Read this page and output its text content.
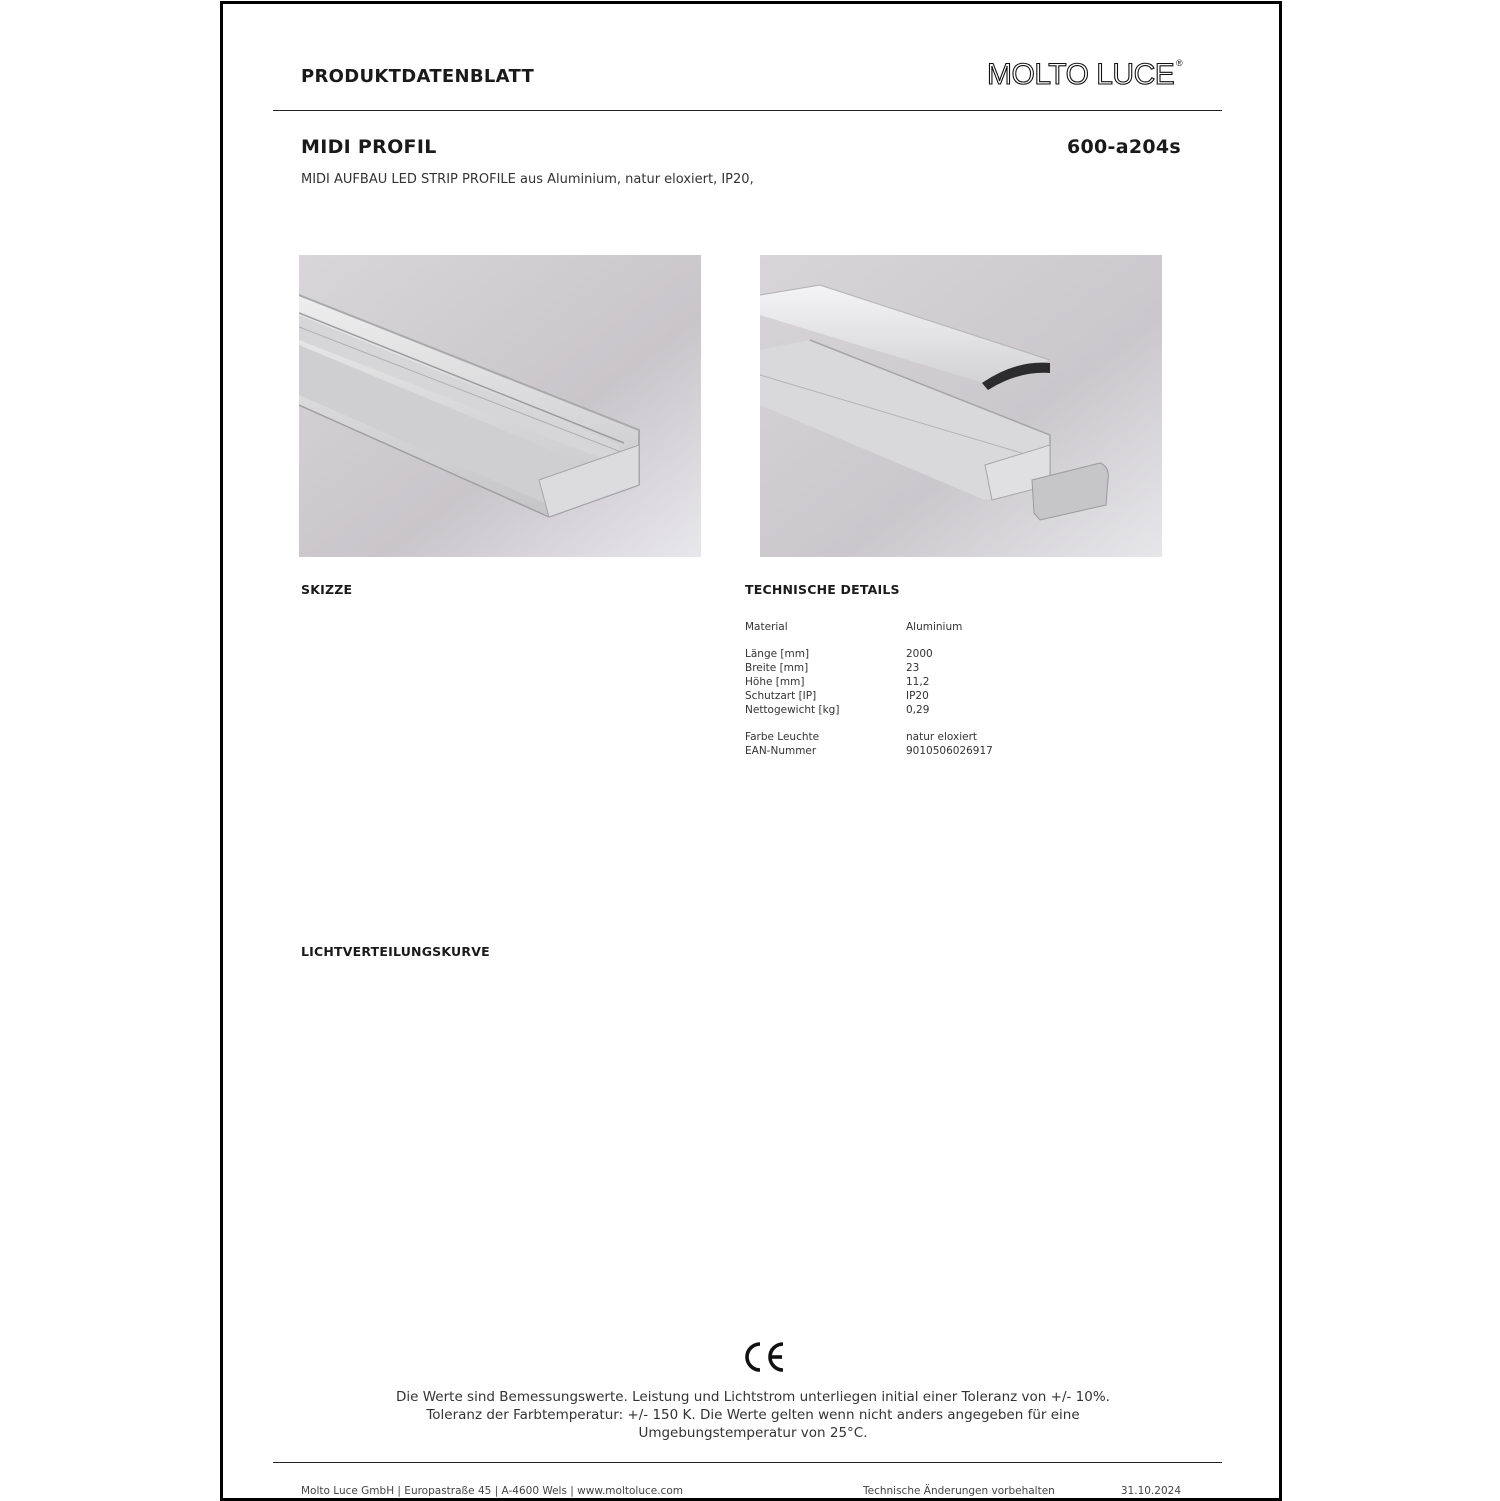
PRODUKTDATENBLATT	MOLTO LUCE ®
MIDI PROFIL	600-a204s
MIDI AUFBAU LED STRIP PROFILE aus Aluminium, natur eloxiert, IP20,
SKIZZE	TECHNISCHE DETAILS
Material	Aluminium
Länge [mm]	2000
Breite [mm]	23
Höhe [mm]	11,2
Schutzart [IP]	IP20
Nettogewicht [kg]	0,29
Farbe Leuchte	natur eloxiert
EAN-Nummer	9010506026917
LICHTVERTEILUNGSKURVE
Die Werte sind Bemessungswerte. Leistung und Lichtstrom unterliegen initial einer Toleranz von +/- 10%.
Toleranz der Farbtemperatur: +/- 150 K. Die Werte gelten wenn nicht anders angegeben für eine
Umgebungstemperatur von 25°C.
Molto Luce GmbH | Europastraße 45 | A-4600 Wels | www.moltoluce.com	Technische Änderungen vorbehalten	31.10.2024
